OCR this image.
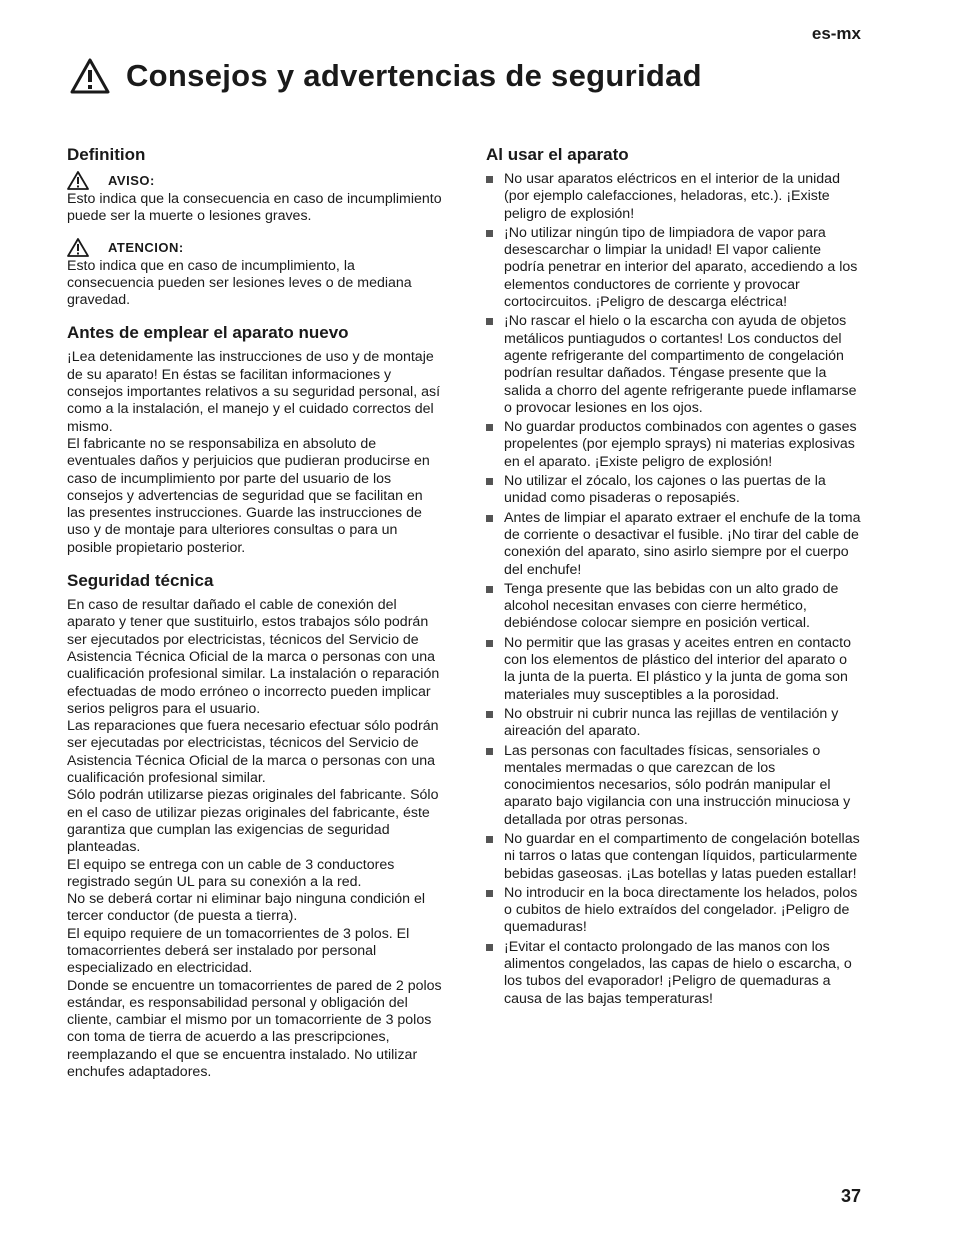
es-mx
Consejos y advertencias de seguridad
Definition
AVISO:

Esto indica que la consecuencia en caso de incumplimiento puede ser la muerte o lesiones graves.

ATENCION:

Esto indica que en caso de incumplimiento, la consecuencia pueden ser lesiones leves o de mediana gravedad.

Antes de emplear el aparato nuevo

¡Lea detenidamente las instrucciones de uso y de montaje de su aparato! En éstas se facilitan informaciones y consejos importantes relativos a su seguridad personal, así como a la instalación, el manejo y el cuidado correctos del mismo.

El fabricante no se responsabiliza en absoluto de eventuales daños y perjuicios que pudieran producirse en caso de incumplimiento por parte del usuario de los consejos y advertencias de seguridad que se facilitan en las presentes instrucciones. Guarde las instrucciones de uso y de montaje para ulteriores consultas o para un posible propietario posterior.

Seguridad técnica

En caso de resultar dañado el cable de conexión del aparato y tener que sustituirlo, estos trabajos sólo podrán ser ejecutados por electricistas, técnicos del Servicio de Asistencia Técnica Oficial de la marca o personas con una cualificación profesional similar. La instalación o reparación efectuadas de modo erróneo o incorrecto pueden implicar serios peligros para el usuario.

Las reparaciones que fuera necesario efectuar sólo podrán ser ejecutadas por electricistas, técnicos del Servicio de Asistencia Técnica Oficial de la marca o personas con una cualificación profesional similar.

Sólo podrán utilizarse piezas originales del fabricante. Sólo en el caso de utilizar piezas originales del fabricante, éste garantiza que cumplan las exigencias de seguridad planteadas.

El equipo se entrega con un cable de 3 conductores registrado según UL para su conexión a la red.

No se deberá cortar ni eliminar bajo ninguna condición el tercer conductor (de puesta a tierra).

El equipo requiere de un tomacorrientes de 3 polos. El tomacorrientes deberá ser instalado por personal especializado en electricidad.

Donde se encuentre un tomacorrientes de pared de 2 polos estándar, es responsabilidad personal y obligación del cliente, cambiar el mismo por un tomacorriente de 3 polos con toma de tierra de acuerdo a las prescripciones, reemplazando el que se encuentra instalado. No utilizar enchufes adaptadores.

Al usar el aparato
No usar aparatos eléctricos en el interior de la unidad (por ejemplo calefacciones, heladoras, etc.). ¡Existe peligro de explosión!
¡No utilizar ningún tipo de limpiadora de vapor para desescarchar o limpiar la unidad! El vapor caliente podría penetrar en interior del aparato, accediendo a los elementos conductores de corriente y provocar cortocircuitos. ¡Peligro de descarga eléctrica!
¡No rascar el hielo o la escarcha con ayuda de objetos metálicos puntiagudos o cortantes! Los conductos del agente refrigerante del compartimento de congelación podrían resultar dañados. Téngase presente que la salida a chorro del agente refrigerante puede inflamarse o provocar lesiones en los ojos.
No guardar productos combinados con agentes o gases propelentes (por ejemplo sprays) ni materias explosivas en el aparato. ¡Existe peligro de explosión!
No utilizar el zócalo, los cajones o las puertas de la unidad como pisaderas o reposapiés.
Antes de limpiar el aparato extraer el enchufe de la toma de corriente o desactivar el fusible. ¡No tirar del cable de conexión del aparato, sino asirlo siempre por el cuerpo del enchufe!
Tenga presente que las bebidas con un alto grado de alcohol necesitan envases con cierre hermético, debiéndose colocar siempre en posición vertical.
No permitir que las grasas y aceites entren en contacto con los elementos de plástico del interior del aparato o la junta de la puerta. El plástico y la junta de goma son materiales muy susceptibles a la porosidad.
No obstruir ni cubrir nunca las rejillas de ventilación y aireación del aparato.
Las personas con facultades físicas, sensoriales o mentales mermadas o que carezcan de los conocimientos necesarios, sólo podrán manipular el aparato bajo vigilancia con una instrucción minuciosa y detallada por otras personas.
No guardar en el compartimento de congelación botellas ni tarros o latas que contengan líquidos, particularmente bebidas gaseosas. ¡Las botellas y latas pueden estallar!
No introducir en la boca directamente los helados, polos o cubitos de hielo extraídos del congelador. ¡Peligro de quemaduras!
¡Evitar el contacto prolongado de las manos con los alimentos congelados, las capas de hielo o escarcha, o los tubos del evaporador! ¡Peligro de quemaduras a causa de las bajas temperaturas!
37
